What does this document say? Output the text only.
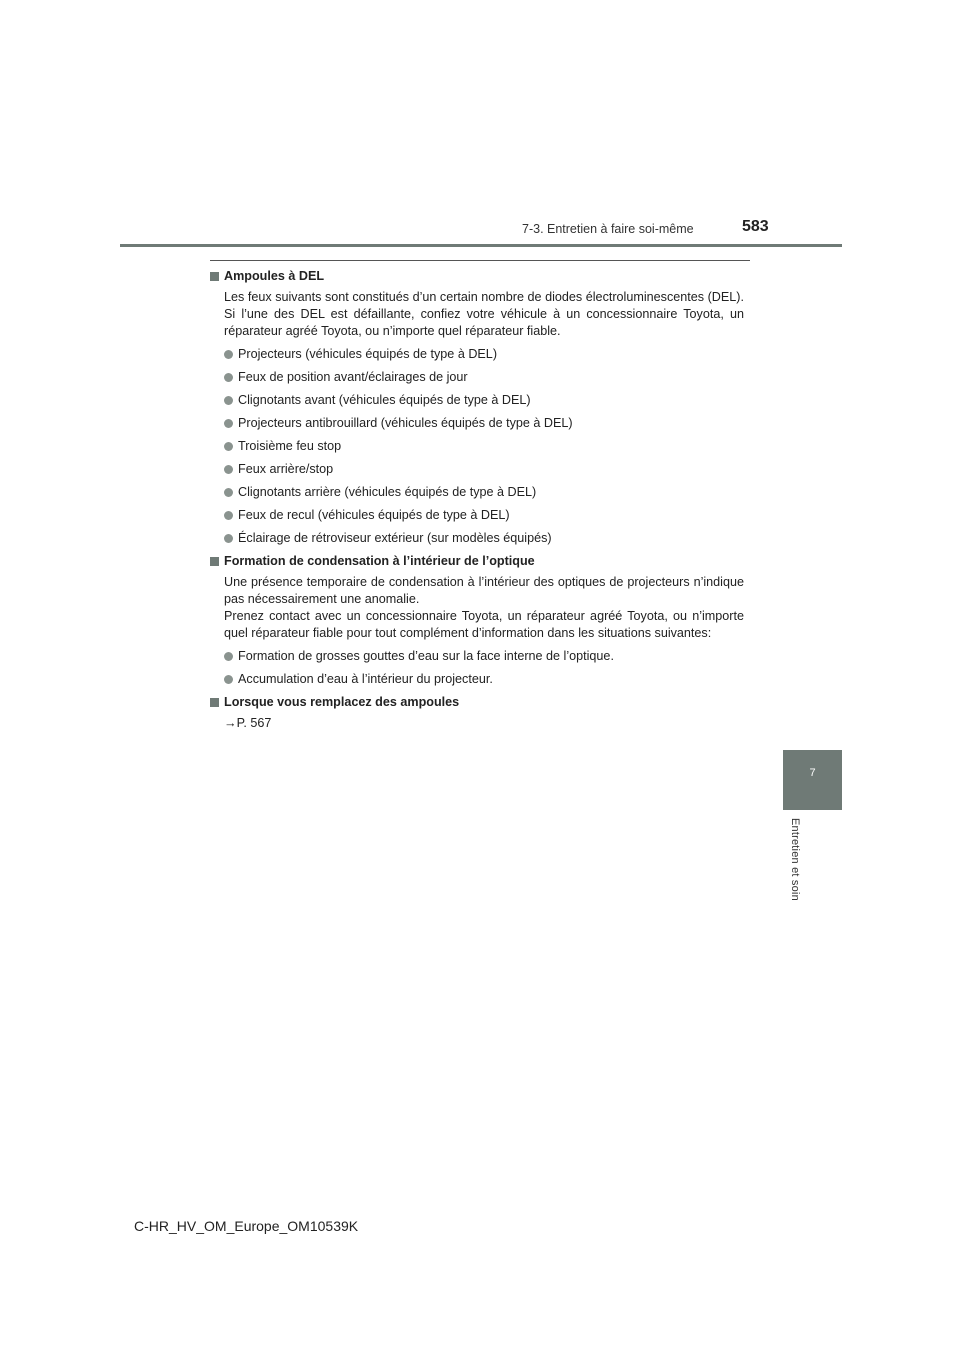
7-3. Entretien à faire soi-même	583
7
Entretien et soin
Ampoules à DEL
Les feux suivants sont constitués d’un certain nombre de diodes électroluminescentes (DEL). Si l’une des DEL est défaillante, confiez votre véhicule à un concessionnaire Toyota, un réparateur agréé Toyota, ou n’importe quel réparateur fiable.
Projecteurs (véhicules équipés de type à DEL)
Feux de position avant/éclairages de jour
Clignotants avant (véhicules équipés de type à DEL)
Projecteurs antibrouillard (véhicules équipés de type à DEL)
Troisième feu stop
Feux arrière/stop
Clignotants arrière (véhicules équipés de type à DEL)
Feux de recul (véhicules équipés de type à DEL)
Éclairage de rétroviseur extérieur (sur modèles équipés)
Formation de condensation à l’intérieur de l’optique
Une présence temporaire de condensation à l’intérieur des optiques de projecteurs n’indique pas nécessairement une anomalie.
Prenez contact avec un concessionnaire Toyota, un réparateur agréé Toyota, ou n’importe quel réparateur fiable pour tout complément d’information dans les situations suivantes:
Formation de grosses gouttes d’eau sur la face interne de l’optique.
Accumulation d’eau à l’intérieur du projecteur.
Lorsque vous remplacez des ampoules
→P. 567
C-HR_HV_OM_Europe_OM10539K
